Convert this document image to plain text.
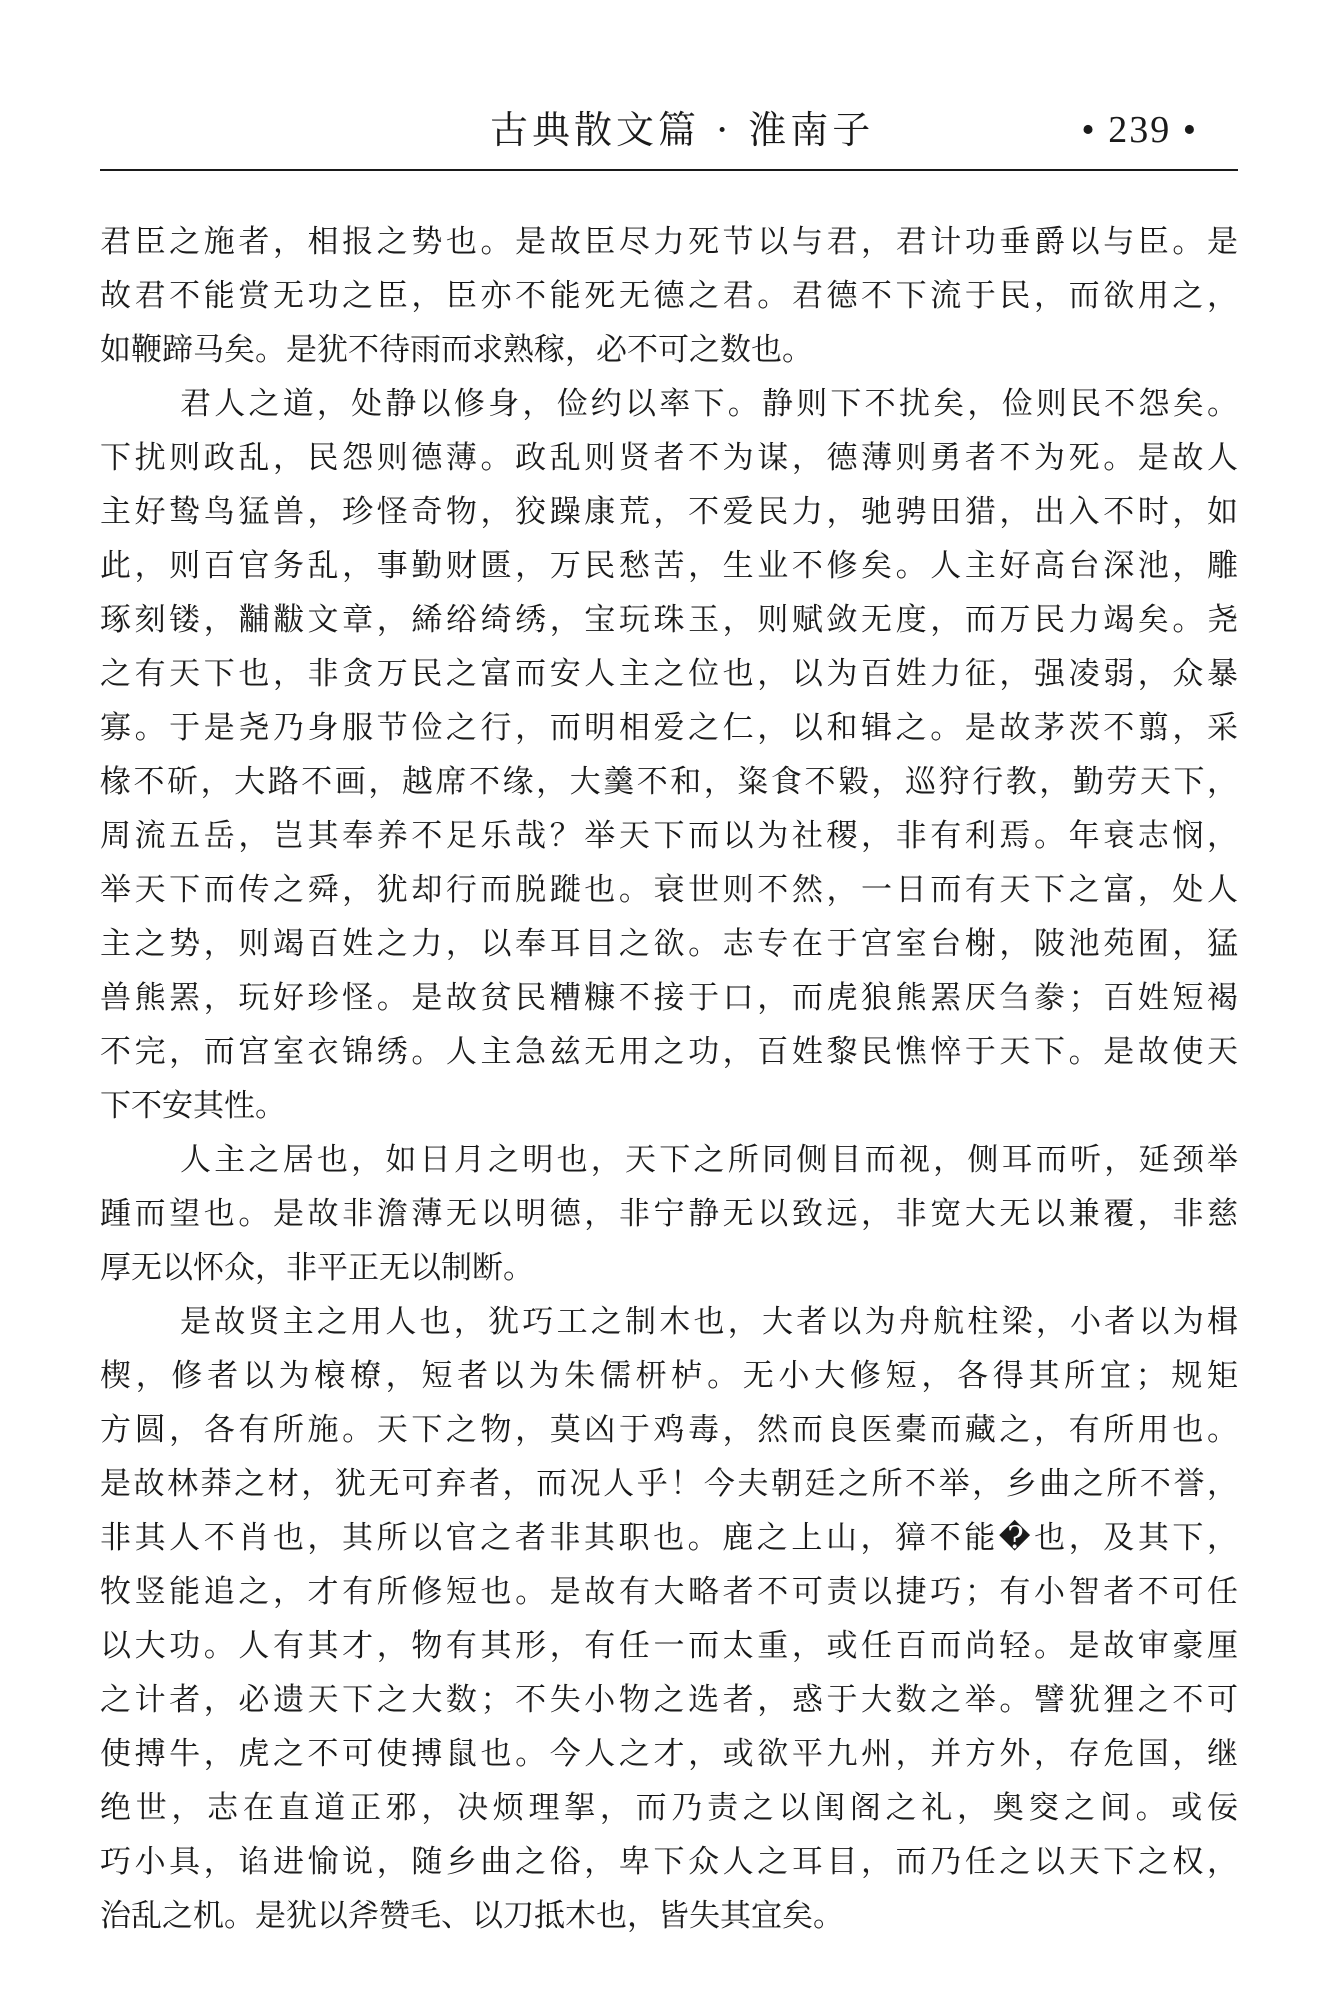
古典散文篇 · 淮南子	• 239 •
君臣之施者，相报之势也。是故臣尽力死节以与君，君计功垂爵以与臣。是
故君不能赏无功之臣，臣亦不能死无德之君。君德不下流于民，而欲用之，
如鞭蹄马矣。是犹不待雨而求熟稼，必不可之数也。
君人之道，处静以修身，俭约以率下。静则下不扰矣，俭则民不怨矣。
下扰则政乱，民怨则德薄。政乱则贤者不为谋，德薄则勇者不为死。是故人
主好鸷鸟猛兽，珍怪奇物，狡躁康荒，不爱民力，驰骋田猎，出入不时，如
此，则百官务乱，事勤财匮，万民愁苦，生业不修矣。人主好高台深池，雕
琢刻镂，黼黻文章，絺绤绮绣，宝玩珠玉，则赋敛无度，而万民力竭矣。尧
之有天下也，非贪万民之富而安人主之位也，以为百姓力征，强凌弱，众暴
寡。于是尧乃身服节俭之行，而明相爱之仁，以和辑之。是故茅茨不翦，采
椽不斫，大路不画，越席不缘，大羹不和，粢食不毇，巡狩行教，勤劳天下，
周流五岳，岂其奉养不足乐哉？举天下而以为社稷，非有利焉。年衰志悯，
举天下而传之舜，犹却行而脱蹝也。衰世则不然，一日而有天下之富，处人
主之势，则竭百姓之力，以奉耳目之欲。志专在于宫室台榭，陂池苑囿，猛
兽熊罴，玩好珍怪。是故贫民糟糠不接于口，而虎狼熊罴厌刍豢；百姓短褐
不完，而宫室衣锦绣。人主急兹无用之功，百姓黎民憔悴于天下。是故使天
下不安其性。
人主之居也，如日月之明也，天下之所同侧目而视，侧耳而听，延颈举
踵而望也。是故非澹薄无以明德，非宁静无以致远，非宽大无以兼覆，非慈
厚无以怀众，非平正无以制断。
是故贤主之用人也，犹巧工之制木也，大者以为舟航柱梁，小者以为楫
楔，修者以为榱橑，短者以为朱儒枅栌。无小大修短，各得其所宜；规矩
方圆，各有所施。天下之物，莫凶于鸡毒，然而良医橐而藏之，有所用也。
是故林莽之材，犹无可弃者，而况人乎！今夫朝廷之所不举，乡曲之所不誉，
非其人不肖也，其所以官之者非其职也。鹿之上山，獐不能�也，及其下，
牧竖能追之，才有所修短也。是故有大略者不可责以捷巧；有小智者不可任
以大功。人有其才，物有其形，有任一而太重，或任百而尚轻。是故审豪厘
之计者，必遗天下之大数；不失小物之选者，惑于大数之举。譬犹狸之不可
使搏牛，虎之不可使搏鼠也。今人之才，或欲平九州，并方外，存危国，继
绝世，志在直道正邪，决烦理挐，而乃责之以闺阁之礼，奥窔之间。或佞
巧小具，谄进愉说，随乡曲之俗，卑下众人之耳目，而乃任之以天下之权，
治乱之机。是犹以斧赞毛、以刀抵木也，皆失其宜矣。
